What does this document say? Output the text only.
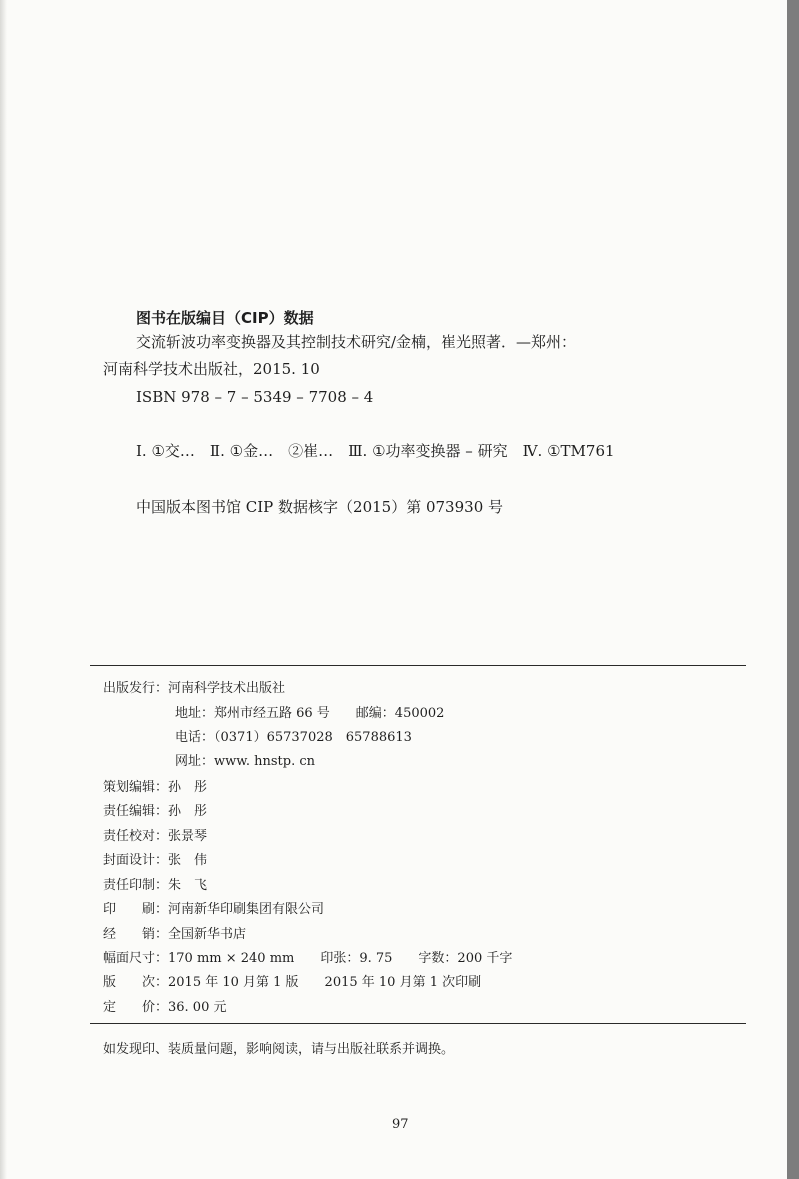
图书在版编目（CIP）数据
交流斩波功率变换器及其控制技术研究/金楠，崔光照著．—郑州：
河南科学技术出版社，2015. 10
ISBN 978 – 7 – 5349 – 7708 – 4
Ⅰ. ①交…　Ⅱ. ①金…　②崔…　Ⅲ. ①功率变换器 – 研究　Ⅳ. ①TM761
中国版本图书馆 CIP 数据核字（2015）第 073930 号
出版发行：河南科学技术出版社
地址：郑州市经五路 66 号　　邮编：450002
电话：（0371）65737028　65788613
网址：www. hnstp. cn
策划编辑：孙　彤
责任编辑：孙　彤
责任校对：张景琴
封面设计：张　伟
责任印制：朱　飞
印　　刷：河南新华印刷集团有限公司
经　　销：全国新华书店
幅面尺寸：170 mm × 240 mm　　印张：9. 75　　字数：200 千字
版　　次：2015 年 10 月第 1 版　　2015 年 10 月第 1 次印刷
定　　价：36. 00 元
如发现印、装质量问题，影响阅读，请与出版社联系并调换。
97
